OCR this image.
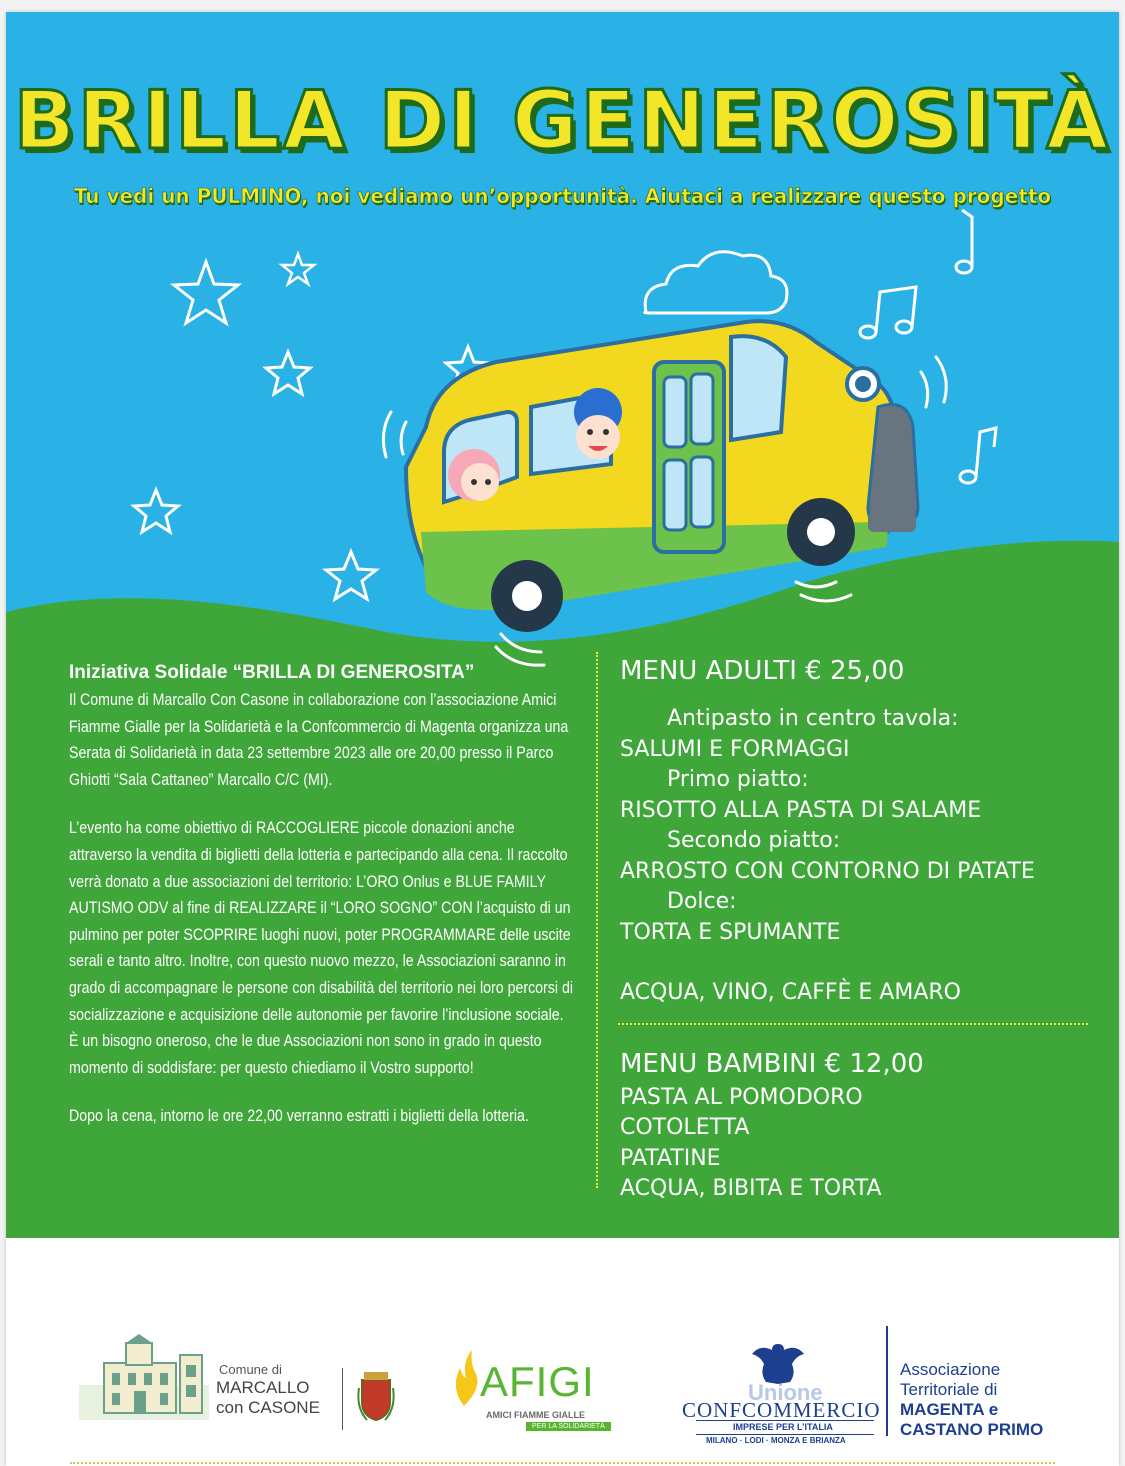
BRILLA DI GENEROSITÀ
Tu vedi un PULMINO, noi vediamo un’opportunità. Aiutaci a realizzare questo progetto
Iniziativa Solidale “BRILLA DI GENEROSITA”

Il Comune di Marcallo Con Casone in collaborazione con l’associazione Amici Fiamme Gialle per la Solidarietà e la Confcommercio di Magenta organizza una Serata di Solidarietà in data 23 settembre 2023 alle ore 20,00 presso il Parco Ghiotti “Sala Cattaneo” Marcallo C/C (MI).

L’evento ha come obiettivo di RACCOGLIERE piccole donazioni anche attraverso la vendita di biglietti della lotteria e partecipando alla cena. Il raccolto verrà donato a due associazioni del territorio: L’ORO Onlus e BLUE FAMILY AUTISMO ODV al fine di REALIZZARE il “LORO SOGNO” CON l’acquisto di un pulmino per poter SCOPRIRE luoghi nuovi, poter PROGRAMMARE delle uscite serali e tanto altro. Inoltre, con questo nuovo mezzo, le Associazioni saranno in grado di accompagnare le persone con disabilità del territorio nei loro percorsi di socializzazione e acquisizione delle autonomie per favorire l’inclusione sociale. È un bisogno oneroso, che le due Associazioni non sono in grado in questo momento di soddisfare: per questo chiediamo il Vostro supporto!

Dopo la cena, intorno le ore 22,00 verranno estratti i biglietti della lotteria.

MENU ADULTI € 25,00
Antipasto in centro tavola:
SALUMI E FORMAGGI
Primo piatto:
RISOTTO ALLA PASTA DI SALAME
Secondo piatto:
ARROSTO CON CONTORNO DI PATATE
Dolce:
TORTA E SPUMANTE
ACQUA, VINO, CAFFÈ E AMARO
MENU BAMBINI € 12,00
PASTA AL POMODORO
COTOLETTA
PATATINE
ACQUA, BIBITA E TORTA
Comune di
MARCALLO
con CASONE
AFIGI
AMICI FIAMME GIALLE
PER LA SOLIDARIETÀ
Unione
CONFCOMMERCIO
IMPRESE PER L’ITALIA
MILANO · LODI · MONZA E BRIANZA
Associazione
Territoriale di
MAGENTA e
CASTANO PRIMO
